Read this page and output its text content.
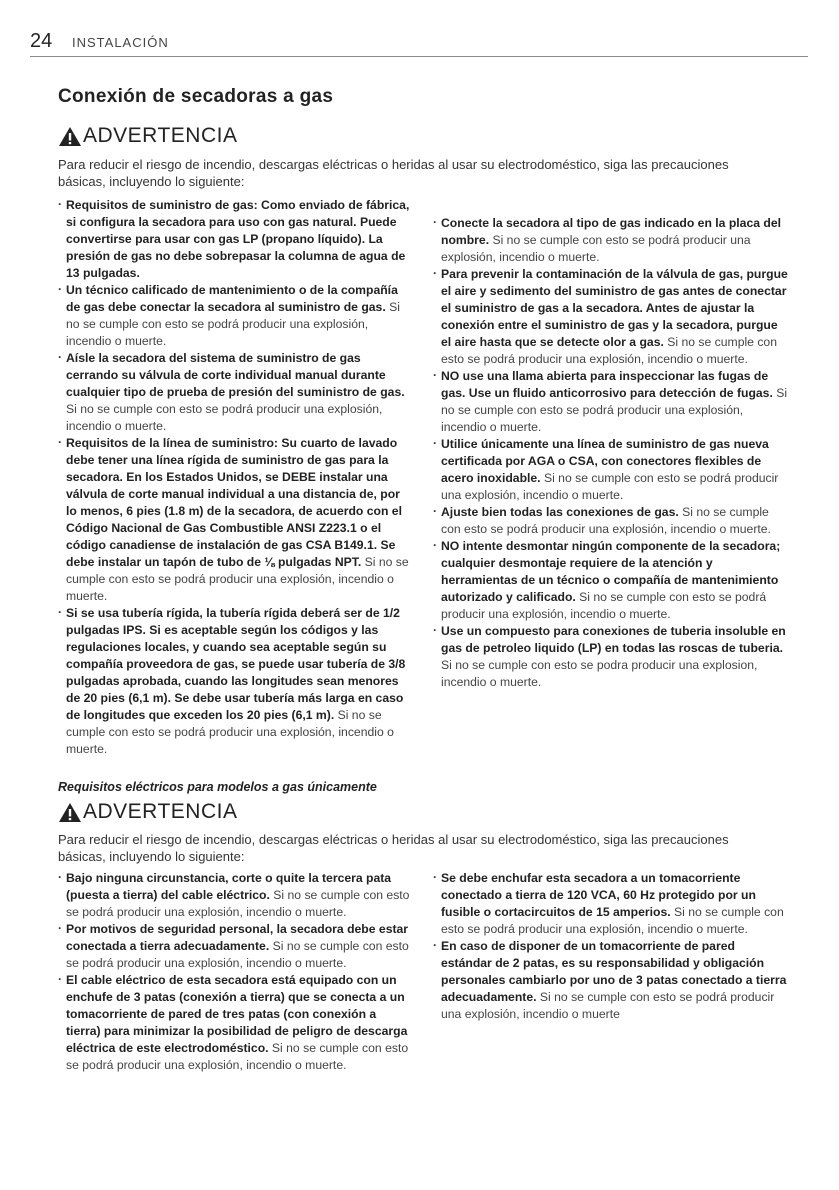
24 INSTALACIÓN
Conexión de secadoras a gas
ADVERTENCIA
Para reducir el riesgo de incendio, descargas eléctricas o heridas al usar su electrodoméstico, siga las precauciones básicas, incluyendo lo siguiente:

· Requisitos de suministro de gas: Como enviado de fábrica, si configura la secadora para uso con gas natural. Puede convertirse para usar con gas LP (propano líquido). La presión de gas no debe sobrepasar la columna de agua de 13 pulgadas.

· Un técnico calificado de mantenimiento o de la compañía de gas debe conectar la secadora al suministro de gas. Si no se cumple con esto se podrá producir una explosión, incendio o muerte.

· Aísle la secadora del sistema de suministro de gas cerrando su válvula de corte individual manual durante cualquier tipo de prueba de presión del suministro de gas. Si no se cumple con esto se podrá producir una explosión, incendio o muerte.

· Requisitos de la línea de suministro: Su cuarto de lavado debe tener una línea rígida de suministro de gas para la secadora. En los Estados Unidos, se DEBE instalar una válvula de corte manual individual a una distancia de, por lo menos, 6 pies (1.8 m) de la secadora, de acuerdo con el Código Nacional de Gas Combustible ANSI Z223.1 o el código canadiense de instalación de gas CSA B149.1. Se debe instalar un tapón de tubo de ⅛ pulgadas NPT. Si no se cumple con esto se podrá producir una explosión, incendio o muerte.

· Si se usa tubería rígida, la tubería rígida deberá ser de 1/2 pulgadas IPS. Si es aceptable según los códigos y las regulaciones locales, y cuando sea aceptable según su compañía proveedora de gas, se puede usar tubería de 3/8 pulgadas aprobada, cuando las longitudes sean menores de 20 pies (6,1 m). Se debe usar tubería más larga en caso de longitudes que exceden los 20 pies (6,1 m). Si no se cumple con esto se podrá producir una explosión, incendio o muerte.

· Conecte la secadora al tipo de gas indicado en la placa del nombre. Si no se cumple con esto se podrá producir una explosión, incendio o muerte.

· Para prevenir la contaminación de la válvula de gas, purgue el aire y sedimento del suministro de gas antes de conectar el suministro de gas a la secadora. Antes de ajustar la conexión entre el suministro de gas y la secadora, purgue el aire hasta que se detecte olor a gas. Si no se cumple con esto se podrá producir una explosión, incendio o muerte.

· NO use una llama abierta para inspeccionar las fugas de gas. Use un fluido anticorrosivo para detección de fugas. Si no se cumple con esto se podrá producir una explosión, incendio o muerte.

· Utilice únicamente una línea de suministro de gas nueva certificada por AGA o CSA, con conectores flexibles de acero inoxidable. Si no se cumple con esto se podrá producir una explosión, incendio o muerte.

· Ajuste bien todas las conexiones de gas. Si no se cumple con esto se podrá producir una explosión, incendio o muerte.

· NO intente desmontar ningún componente de la secadora; cualquier desmontaje requiere de la atención y herramientas de un técnico o compañía de mantenimiento autorizado y calificado. Si no se cumple con esto se podrá producir una explosión, incendio o muerte.

· Use un compuesto para conexiones de tuberia insoluble en gas de petroleo liquido (LP) en todas las roscas de tuberia. Si no se cumple con esto se podra producir una explosion, incendio o muerte.

Requisitos eléctricos para modelos a gas únicamente
ADVERTENCIA
Para reducir el riesgo de incendio, descargas eléctricas o heridas al usar su electrodoméstico, siga las precauciones básicas, incluyendo lo siguiente:

· Bajo ninguna circunstancia, corte o quite la tercera pata (puesta a tierra) del cable eléctrico. Si no se cumple con esto se podrá producir una explosión, incendio o muerte.

· Por motivos de seguridad personal, la secadora debe estar conectada a tierra adecuadamente. Si no se cumple con esto se podrá producir una explosión, incendio o muerte.

· El cable eléctrico de esta secadora está equipado con un enchufe de 3 patas (conexión a tierra) que se conecta a un tomacorriente de pared de tres patas (con conexión a tierra) para minimizar la posibilidad de peligro de descarga eléctrica de este electrodoméstico. Si no se cumple con esto se podrá producir una explosión, incendio o muerte.

· Se debe enchufar esta secadora a un tomacorriente conectado a tierra de 120 VCA, 60 Hz protegido por un fusible o cortacircuitos de 15 amperios. Si no se cumple con esto se podrá producir una explosión, incendio o muerte.

· En caso de disponer de un tomacorriente de pared estándar de 2 patas, es su responsabilidad y obligación personales cambiarlo por uno de 3 patas conectado a tierra adecuadamente. Si no se cumple con esto se podrá producir una explosión, incendio o muerte
